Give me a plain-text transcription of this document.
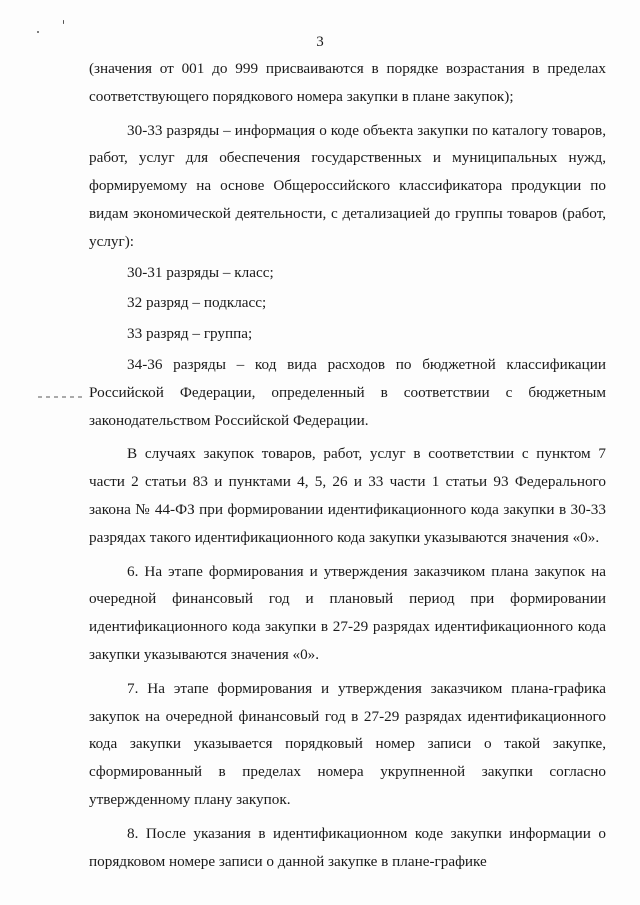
3

(значения от 001 до 999 присваиваются в порядке возрастания в пределах соответствующего порядкового номера закупки в плане закупок);

30-33 разряды – информация о коде объекта закупки по каталогу товаров, работ, услуг для обеспечения государственных и муниципальных нужд, формируемому на основе Общероссийского классификатора продукции по видам экономической деятельности, с детализацией до группы товаров (работ, услуг):

30-31 разряды – класс;

32 разряд – подкласс;

33 разряд – группа;

34-36 разряды – код вида расходов по бюджетной классификации Российской Федерации, определенный в соответствии с бюджетным законодательством Российской Федерации.

В случаях закупок товаров, работ, услуг в соответствии с пунктом 7 части 2 статьи 83 и пунктами 4, 5, 26 и 33 части 1 статьи 93 Федерального закона № 44-ФЗ при формировании идентификационного кода закупки в 30-33 разрядах такого идентификационного кода закупки указываются значения «0».

6. На этапе формирования и утверждения заказчиком плана закупок на очередной финансовый год и плановый период при формировании идентификационного кода закупки в 27-29 разрядах идентификационного кода закупки указываются значения «0».

7. На этапе формирования и утверждения заказчиком плана-графика закупок на очередной финансовый год в 27-29 разрядах идентификационного кода закупки указывается порядковый номер записи о такой закупке, сформированный в пределах номера укрупненной закупки согласно утвержденному плану закупок.

8. После указания в идентификационном коде закупки информации о порядковом номере записи о данной закупке в плане-графике
